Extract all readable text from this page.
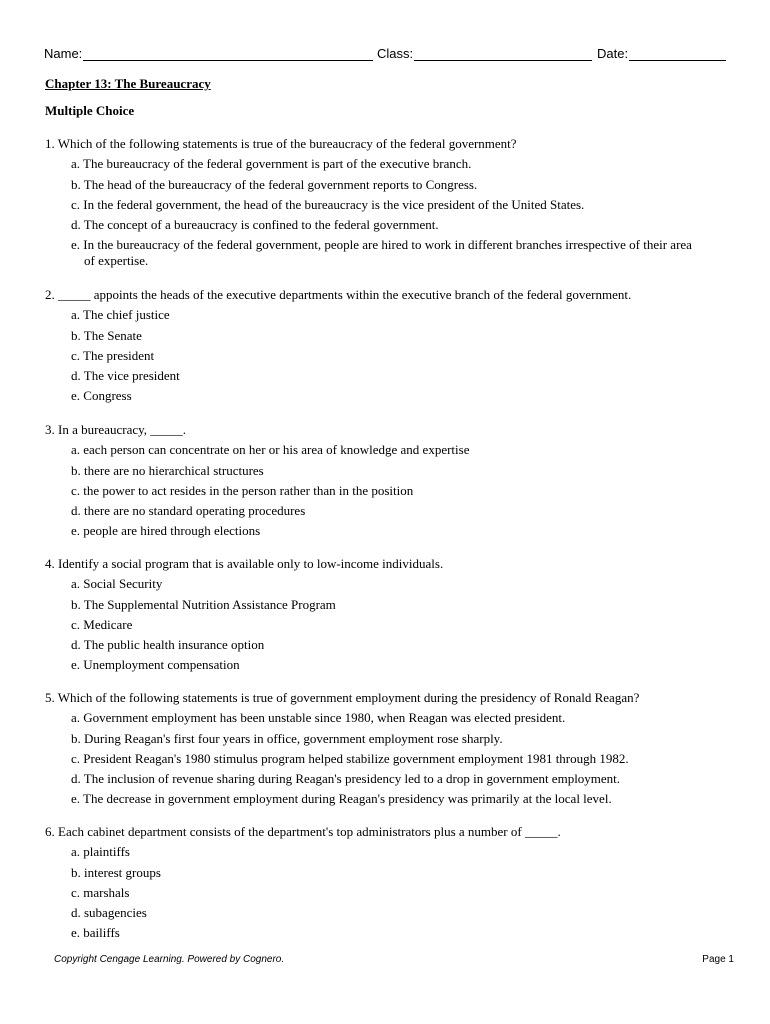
Name:	Class:	Date:
Chapter 13: The Bureaucracy
Multiple Choice

1. Which of the following statements is true of the bureaucracy of the federal government?

a. The bureaucracy of the federal government is part of the executive branch.
b. The head of the bureaucracy of the federal government reports to Congress.
c. In the federal government, the head of the bureaucracy is the vice president of the United States.
d. The concept of a bureaucracy is confined to the federal government.
e. In the bureaucracy of the federal government, people are hired to work in different branches irrespective of their area of expertise.

2. _____ appoints the heads of the executive departments within the executive branch of the federal government.

a. The chief justice
b. The Senate
c. The president
d. The vice president
e. Congress

3. In a bureaucracy, _____.

a. each person can concentrate on her or his area of knowledge and expertise
b. there are no hierarchical structures
c. the power to act resides in the person rather than in the position
d. there are no standard operating procedures
e. people are hired through elections

4. Identify a social program that is available only to low-income individuals.

a. Social Security
b. The Supplemental Nutrition Assistance Program
c. Medicare
d. The public health insurance option
e. Unemployment compensation

5. Which of the following statements is true of government employment during the presidency of Ronald Reagan?

a. Government employment has been unstable since 1980, when Reagan was elected president.
b. During Reagan's first four years in office, government employment rose sharply.
c. President Reagan's 1980 stimulus program helped stabilize government employment 1981 through 1982.
d. The inclusion of revenue sharing during Reagan's presidency led to a drop in government employment.
e. The decrease in government employment during Reagan's presidency was primarily at the local level.

6. Each cabinet department consists of the department's top administrators plus a number of _____.

a. plaintiffs
b. interest groups
c. marshals
d. subagencies
e. bailiffs
Copyright Cengage Learning. Powered by Cognero.	Page 1
